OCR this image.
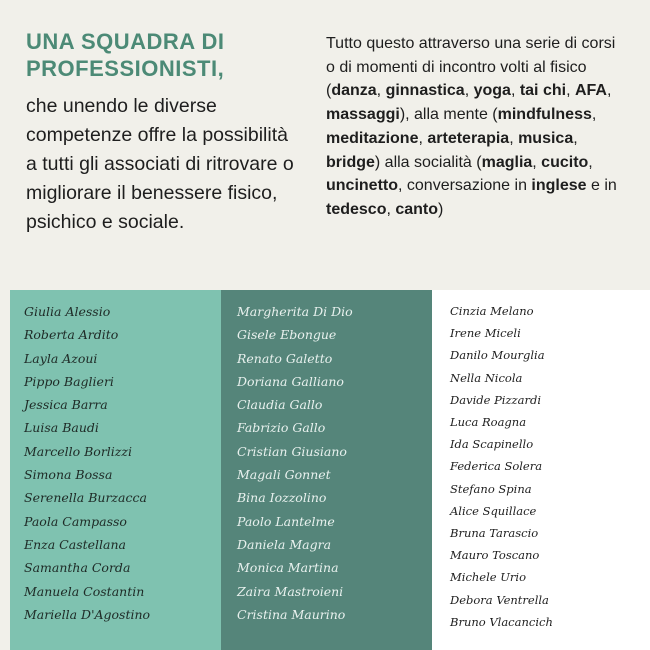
UNA SQUADRA DI
PROFESSIONISTI,

che unendo le diverse competenze offre la possibilità a tutti gli associati di ritrovare o migliorare il benessere fisico, psichico e sociale.

Tutto questo attraverso una serie di corsi o di momenti di incontro volti al fisico (danza, ginnastica, yoga, tai chi, AFA, massaggi), alla mente (mindfulness, meditazione, arteterapia, musica, bridge) alla socialità (maglia, cucito, uncinetto, conversazione in inglese e in tedesco, canto)

Giulia Alessio
Roberta Ardito
Layla Azoui
Pippo Baglieri
Jessica Barra
Luisa Baudi
Marcello Borlizzi
Simona Bossa
Serenella Burzacca
Paola Campasso
Enza Castellana
Samantha Corda
Manuela Costantin
Mariella D'Agostino
Margherita Di Dio
Gisele Ebongue
Renato Galetto
Doriana Galliano
Claudia Gallo
Fabrizio Gallo
Cristian Giusiano
Magali Gonnet
Bina Iozzolino
Paolo Lantelme
Daniela Magra
Monica Martina
Zaira Mastroieni
Cristina Maurino
Cinzia Melano
Irene Miceli
Danilo Mourglia
Nella Nicola
Davide Pizzardi
Luca Roagna
Ida Scapinello
Federica Solera
Stefano Spina
Alice Squillace
Bruna Tarascio
Mauro Toscano
Michele Urio
Debora Ventrella
Bruno Vlacancich
